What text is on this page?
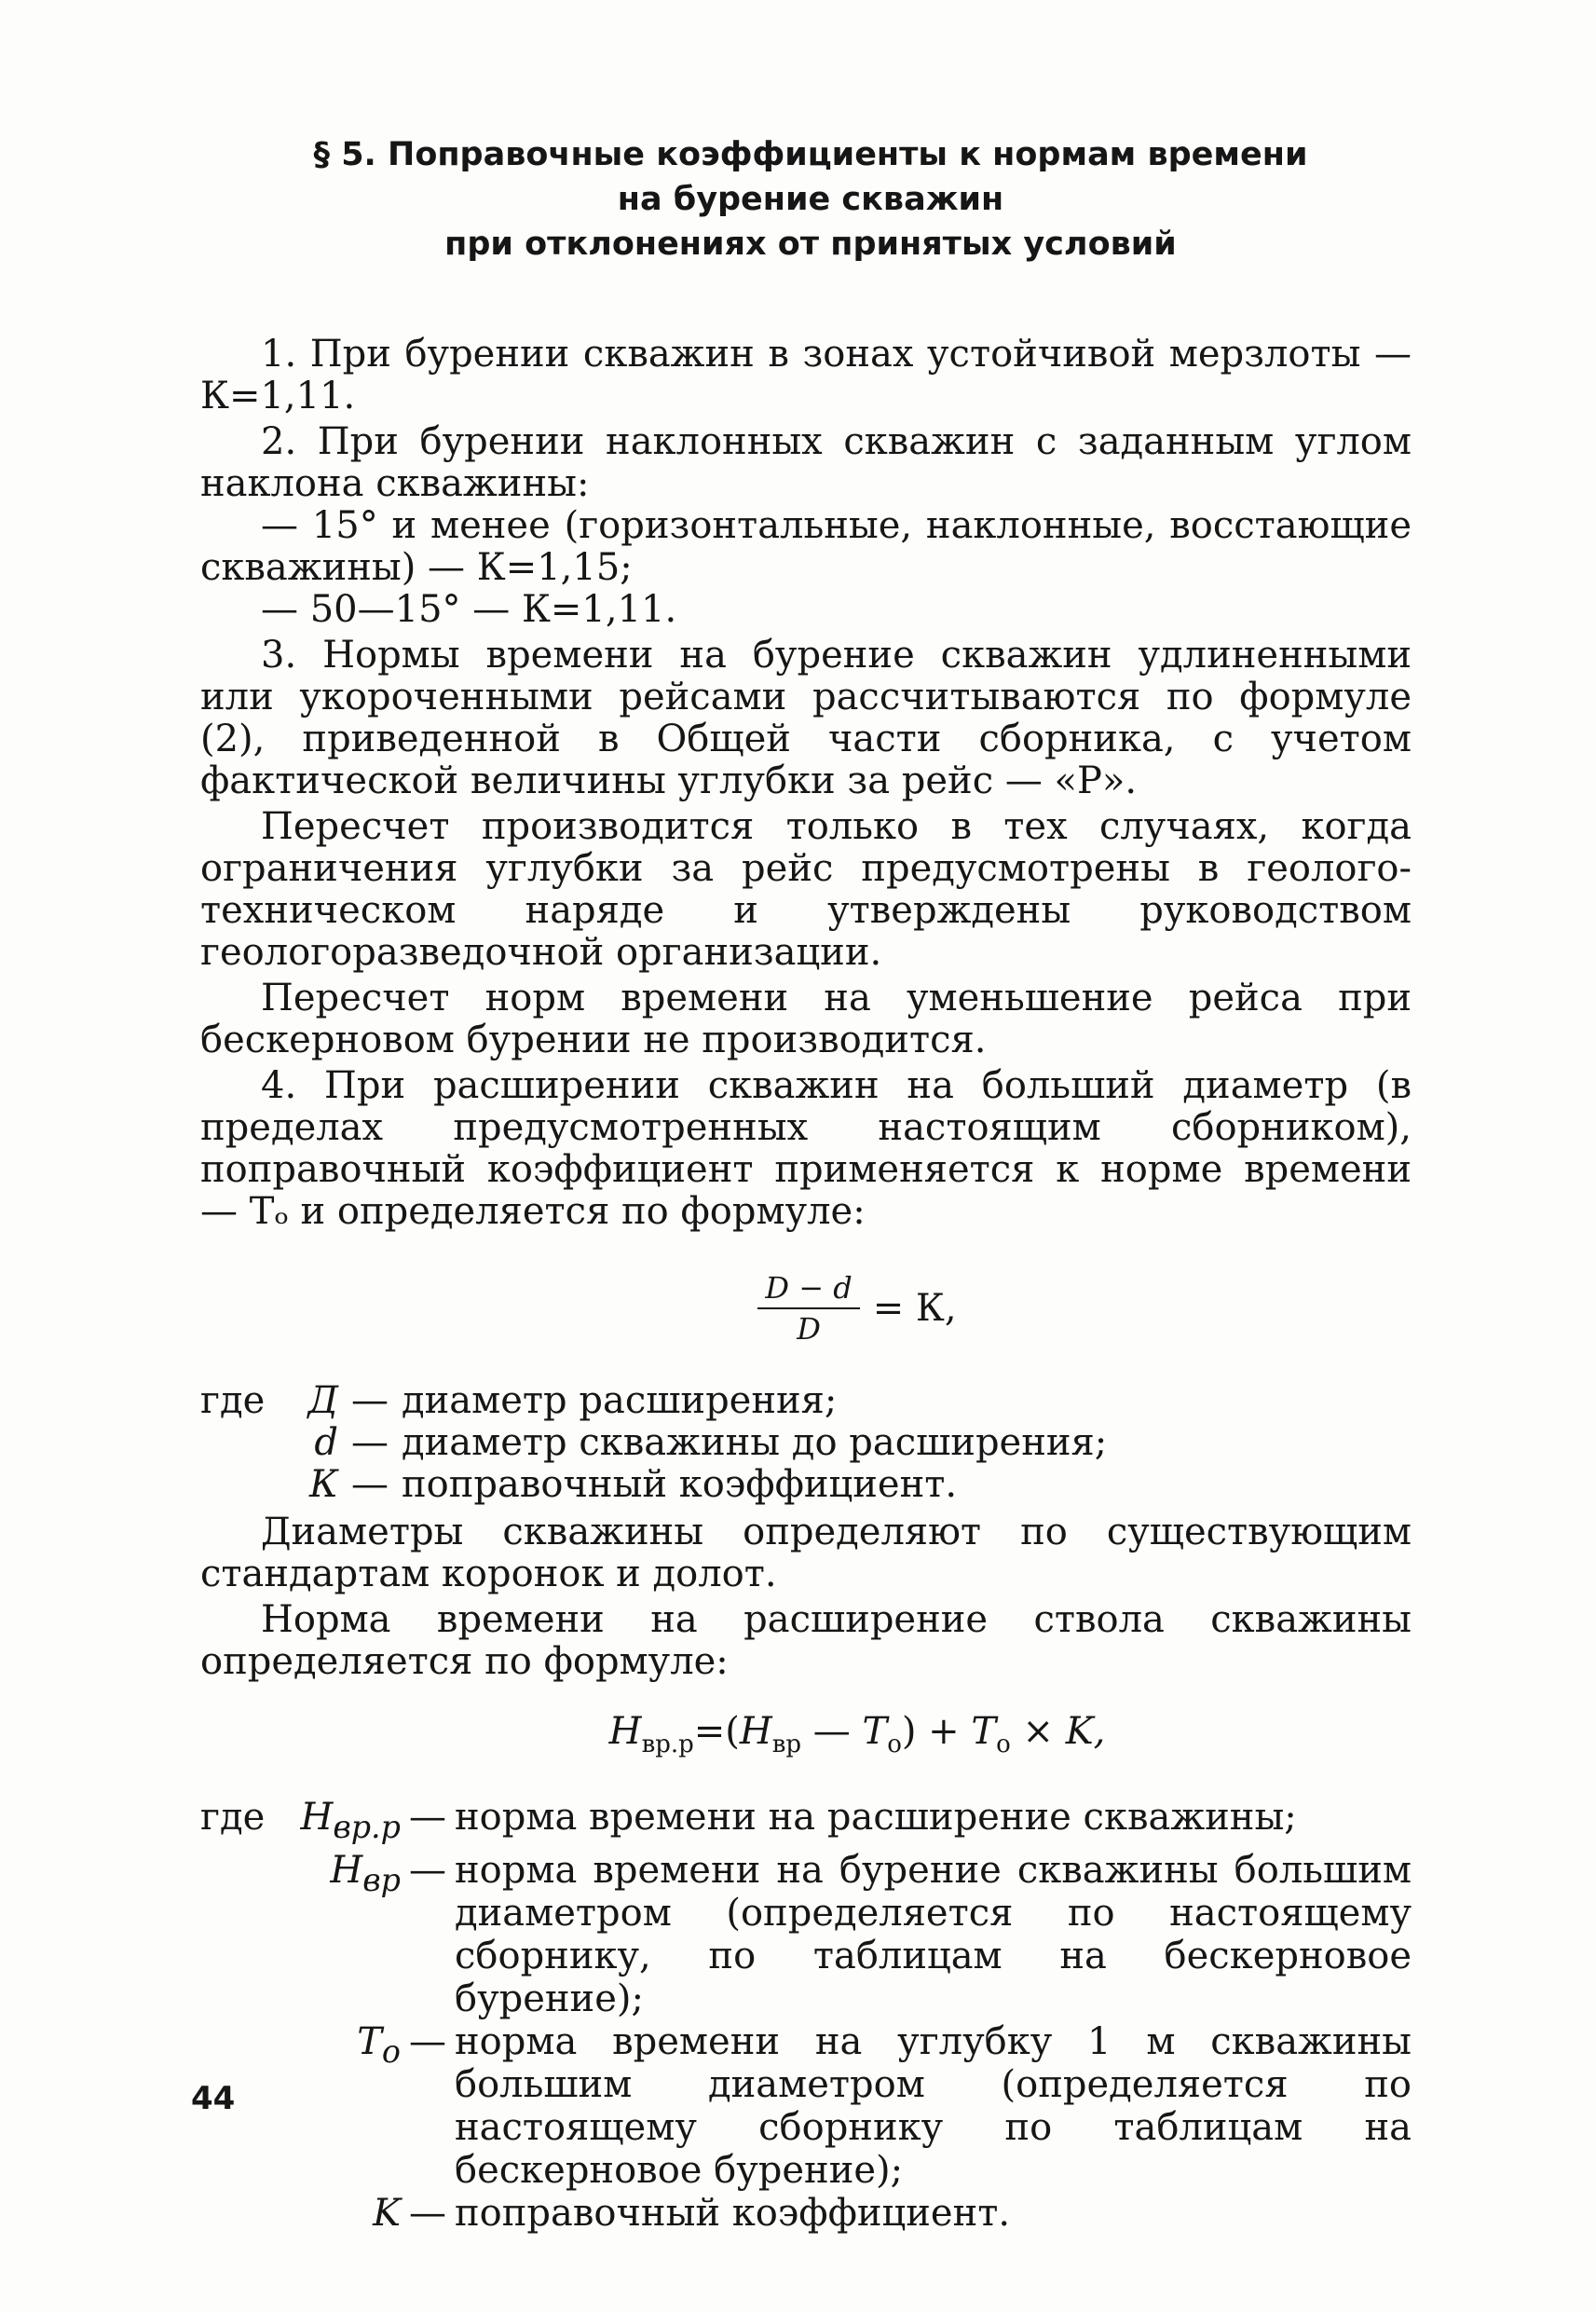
§ 5. Поправочные коэффициенты к нормам времени
на бурение скважин
при отклонениях от принятых условий

1. При бурении скважин в зонах устойчивой мерзлоты — К=1,11.

2. При бурении наклонных скважин с заданным углом наклона скважины:

— 15° и менее (горизонтальные, наклонные, восстающие скважины) — К=1,15;

— 50—15° — К=1,11.

3. Нормы времени на бурение скважин удлиненными или укороченными рейсами рассчитываются по формуле (2), приведенной в Общей части сборника, с учетом фактической величины углубки за рейс — «Р».

Пересчет производится только в тех случаях, когда ограничения углубки за рейс предусмотрены в геолого-техническом наряде и утверждены руководством геологоразведочной организации.

Пересчет норм времени на уменьшение рейса при бескерновом бурении не производится.

4. При расширении скважин на больший диаметр (в пределах предусмотренных настоящим сборником), поправочный коэффициент применяется к норме времени — Tₒ и определяется по формуле:

$\frac{D - d}{D} = К$,
где	Д — диаметр расширения;
d — диаметр скважины до расширения;
К — поправочный коэффициент.

Диаметры скважины определяют по существующим стандартам коронок и долот.

Норма времени на расширение ствола скважины определяется по формуле:

$H_{вр.р}=(H_{вр}$ — $T_о) + T_о \times K$,
где $H_{вр.р}$ — норма времени на расширение скважины;
$H_{вр}$ — норма времени на бурение скважины большим диаметром (определяется по настоящему сборнику, по таблицам на бескерновое бурение);
$T_о$ — норма времени на углубку 1 м скважины большим диаметром (определяется по настоящему сборнику по таблицам на бескерновое бурение);
K — поправочный коэффициент.
44
